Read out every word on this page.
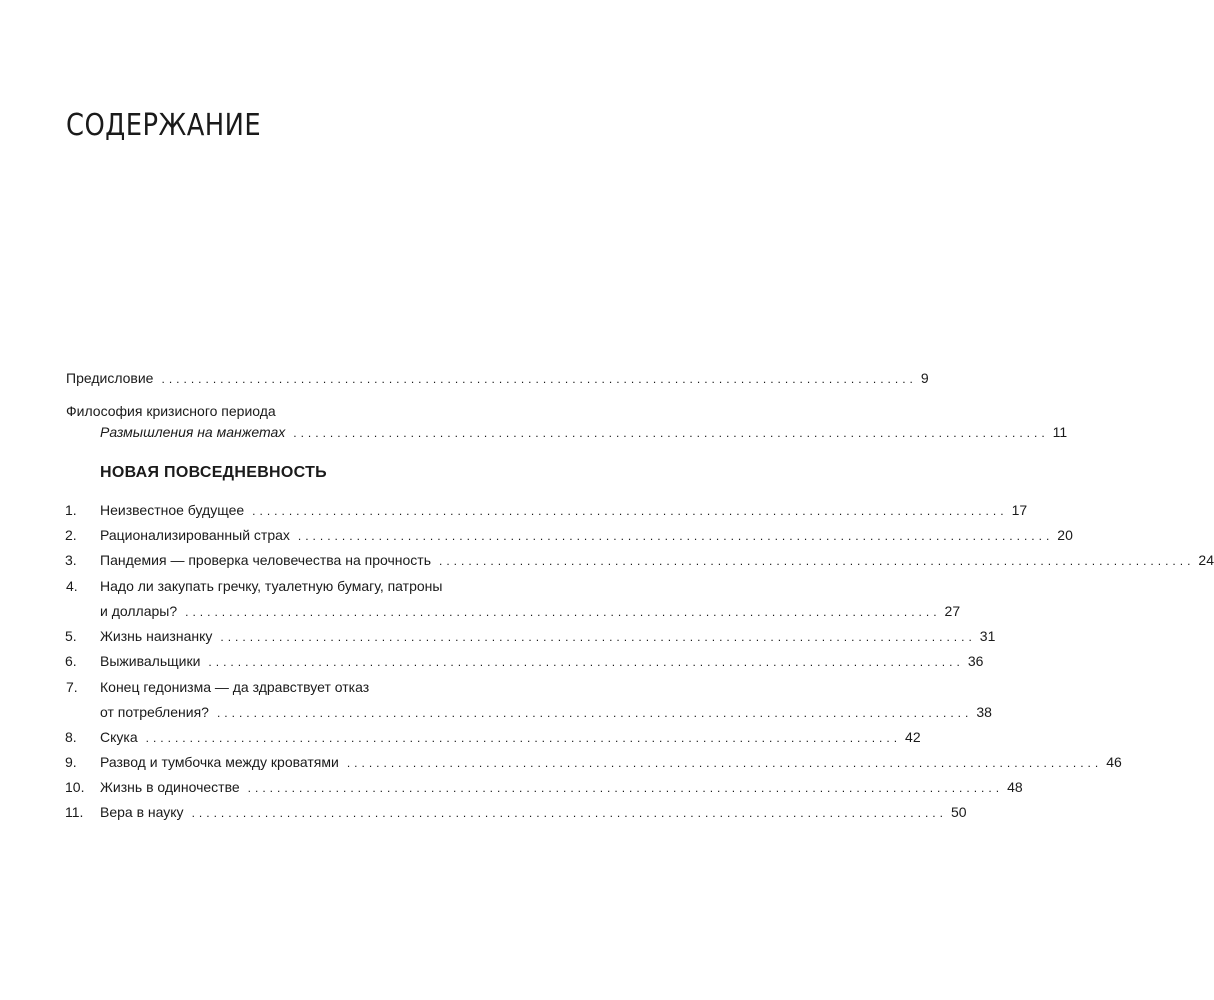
СОДЕРЖАНИЕ
Предисловие ....................................................................................................... 9
Философия кризисного периода
Размышления на манжетах ....................................................................................................... 11
НОВАЯ ПОВСЕДНЕВНОСТЬ
1. Неизвестное будущее ....................................................................................................... 17
2. Рационализированный страх ....................................................................................................... 20
3. Пандемия — проверка человечества на прочность ....................................................................................................... 24
Надо ли закупать гречку, туалетную бумагу, патроны
4.
и доллары? ....................................................................................................... 27
5. Жизнь наизнанку ....................................................................................................... 31
6. Выживальщики ....................................................................................................... 36
Конец гедонизма — да здравствует отказ
7.
от потребления? ....................................................................................................... 38
8. Скука ....................................................................................................... 42
9. Развод и тумбочка между кроватями ....................................................................................................... 46
10. Жизнь в одиночестве ....................................................................................................... 48
11. Вера в науку ....................................................................................................... 50
